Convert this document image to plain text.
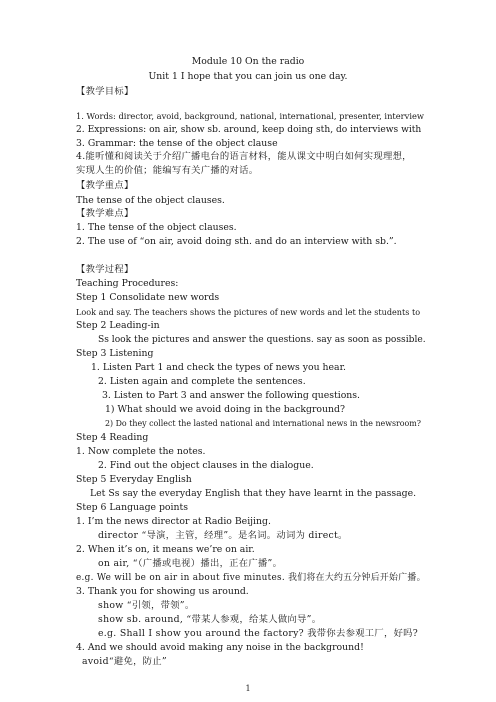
Module 10 On the radio
Unit 1 I hope that you can join us one day.
【教学目标】
1. Words: director, avoid, background, national, international, presenter, interview
2. Expressions: on air, show sb. around, keep doing sth, do interviews with
3. Grammar: the tense of the object clause
4.能听懂和阅读关于介绍广播电台的语言材料，能从课文中明白如何实现理想，
实现人生的价值；能编写有关广播的对话。
【教学重点】
The tense of the object clauses.
【教学难点】
1. The tense of the object clauses.
2. The use of “on air, avoid doing sth. and do an interview with sb.”.
【教学过程】
Teaching Procedures:
Step 1 Consolidate new words
Look and say. The teachers shows the pictures of new words and let the students to
Step 2 Leading-in
Ss look the pictures and answer the questions. say as soon as possible.
Step 3 Listening
1. Listen Part 1 and check the types of news you hear.
2. Listen again and complete the sentences.
3. Listen to Part 3 and answer the following questions.
1) What should we avoid doing in the background?
2) Do they collect the lasted national and international news in the newsroom?
Step 4 Reading
1. Now complete the notes.
2. Find out the object clauses in the dialogue.
Step 5 Everyday English
Let Ss say the everyday English that they have learnt in the passage.
Step 6 Language points
1. I’m the news director at Radio Beijing.
director “导演，主管，经理”。是名词。动词为 direct。
2. When it’s on, it means we’re on air.
on air, “（广播或电视）播出，正在广播”。
e.g. We will be on air in about five minutes. 我们将在大约五分钟后开始广播。
3. Thank you for showing us around.
show “引领，带领”。
show sb. around, “带某人参观，给某人做向导”。
e.g. Shall I show you around the factory? 我带你去参观工厂，好吗?
4. And we should avoid making any noise in the background!
avoid“避免，防止”
1
